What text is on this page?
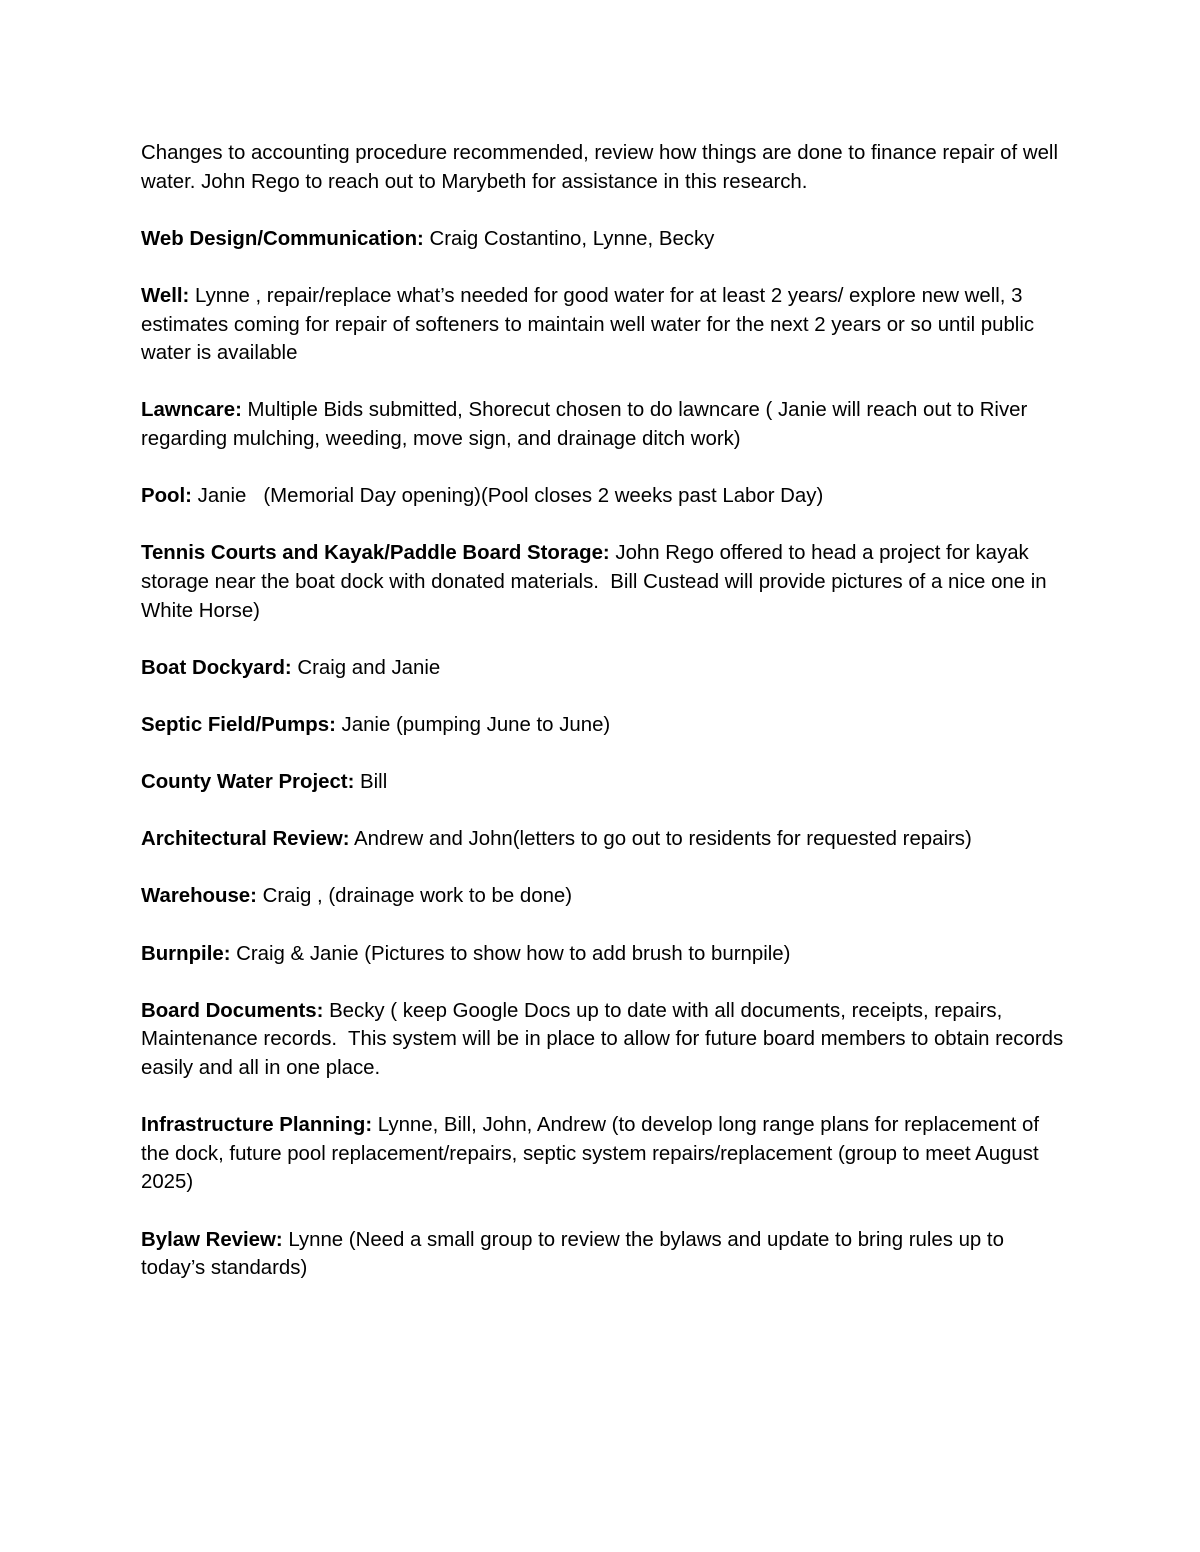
Changes to accounting procedure recommended, review how things are done to finance repair of well water. John Rego to reach out to Marybeth for assistance in this research.

Web Design/Communication: Craig Costantino, Lynne, Becky

Well: Lynne , repair/replace what’s needed for good water for at least 2 years/ explore new well, 3 estimates coming for repair of softeners to maintain well water for the next 2 years or so until public water is available

Lawncare: Multiple Bids submitted, Shorecut chosen to do lawncare ( Janie will reach out to River regarding mulching, weeding, move sign, and drainage ditch work)

Pool: Janie   (Memorial Day opening)(Pool closes 2 weeks past Labor Day)

Tennis Courts and Kayak/Paddle Board Storage: John Rego offered to head a project for kayak storage near the boat dock with donated materials.  Bill Custead will provide pictures of a nice one in White Horse)

Boat Dockyard: Craig and Janie

Septic Field/Pumps: Janie (pumping June to June)

County Water Project: Bill

Architectural Review: Andrew and John(letters to go out to residents for requested repairs)

Warehouse: Craig , (drainage work to be done)

Burnpile: Craig & Janie (Pictures to show how to add brush to burnpile)

Board Documents: Becky ( keep Google Docs up to date with all documents, receipts, repairs, Maintenance records.  This system will be in place to allow for future board members to obtain records easily and all in one place.

Infrastructure Planning: Lynne, Bill, John, Andrew (to develop long range plans for replacement of the dock, future pool replacement/repairs, septic system repairs/replacement (group to meet August 2025)

Bylaw Review: Lynne (Need a small group to review the bylaws and update to bring rules up to today’s standards)
